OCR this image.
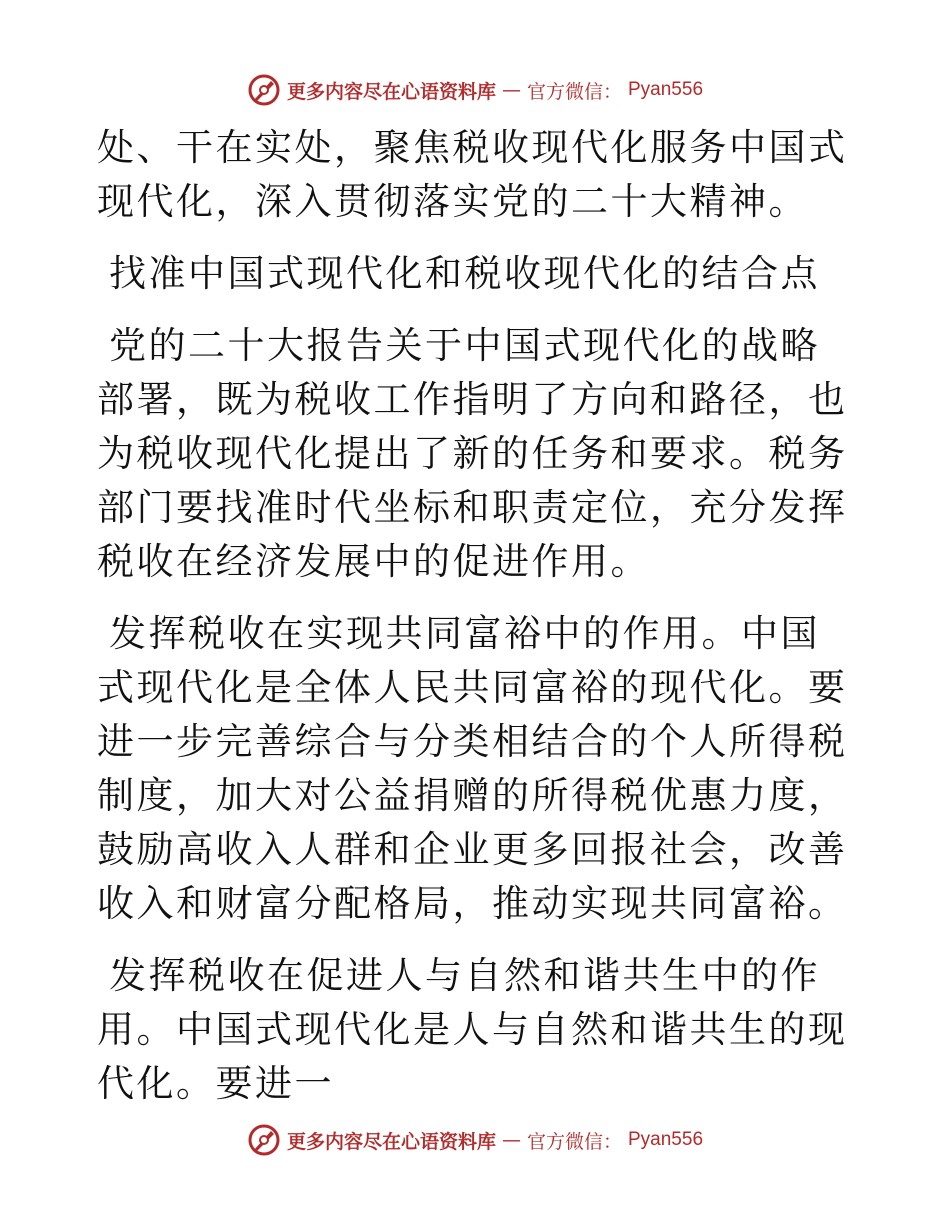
更多内容尽在心语资料库 — 官方微信： Pyan556

处、干在实处，聚焦税收现代化服务中国式现代化，深入贯彻落实党的二十大精神。

找准中国式现代化和税收现代化的结合点

党的二十大报告关于中国式现代化的战略部署，既为税收工作指明了方向和路径，也为税收现代化提出了新的任务和要求。税务部门要找准时代坐标和职责定位，充分发挥税收在经济发展中的促进作用。

发挥税收在实现共同富裕中的作用。中国式现代化是全体人民共同富裕的现代化。要进一步完善综合与分类相结合的个人所得税制度，加大对公益捐赠的所得税优惠力度，鼓励高收入人群和企业更多回报社会，改善收入和财富分配格局，推动实现共同富裕。

发挥税收在促进人与自然和谐共生中的作用。中国式现代化是人与自然和谐共生的现代化。要进一

更多内容尽在心语资料库 — 官方微信： Pyan556
